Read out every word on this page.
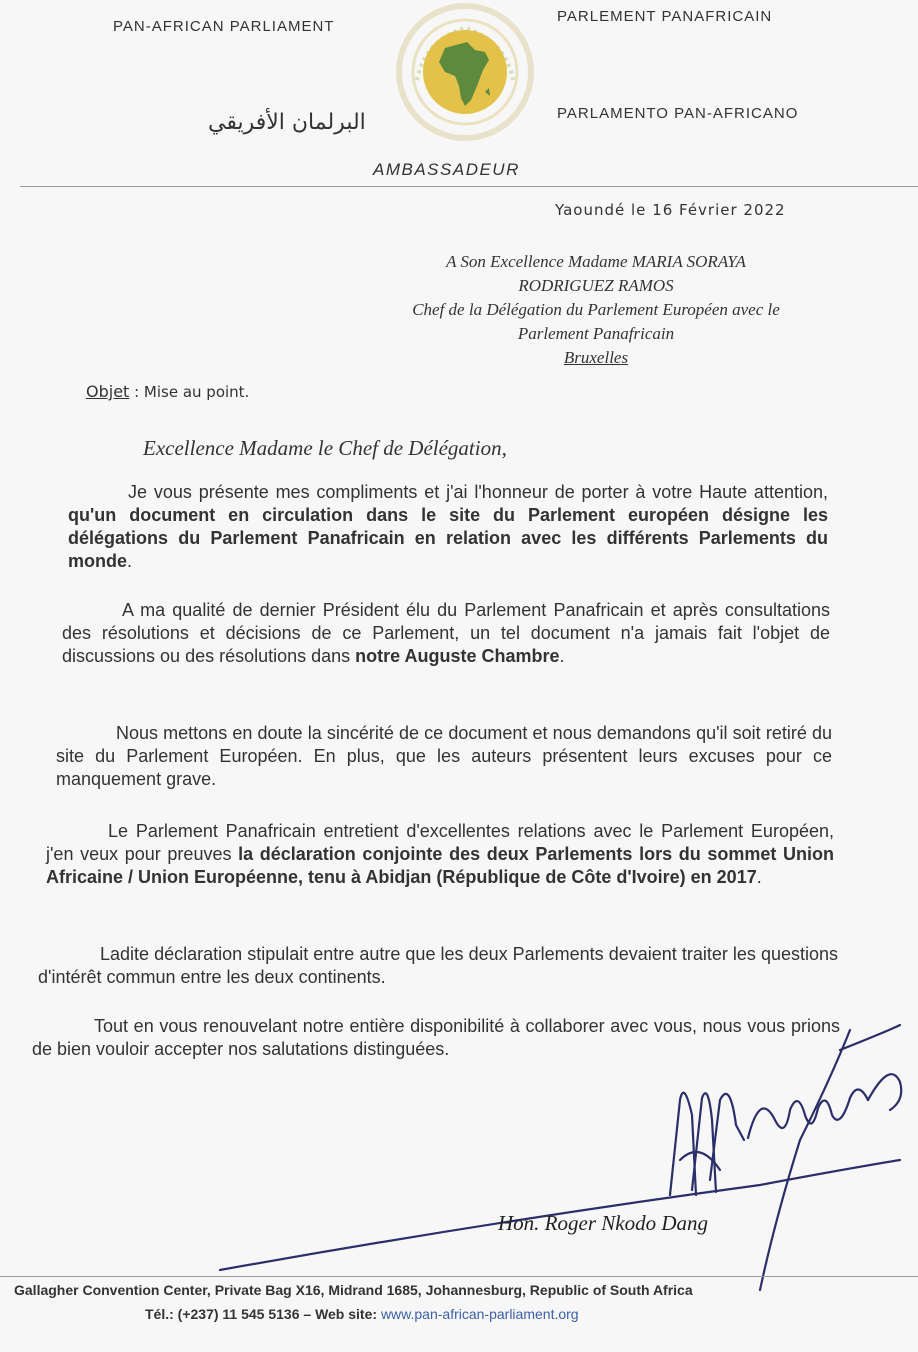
PAN-AFRICAN PARLIAMENT
PARLEMENT PANAFRICAIN
البرلمان الأفريقي	PARLAMENTO PAN-AFRICANO
AMBASSADEUR
Yaoundé le 16 Février 2022
A Son Excellence Madame MARIA SORAYA
RODRIGUEZ RAMOS
Chef de la Délégation du Parlement Européen avec le
Parlement Panafricain
Bruxelles
Objet : Mise au point.
Excellence Madame le Chef de Délégation,
Je vous présente mes compliments et j'ai l'honneur de porter à votre Haute attention, qu'un document en circulation dans le site du Parlement européen désigne les délégations du Parlement Panafricain en relation avec les différents Parlements du monde.
A ma qualité de dernier Président élu du Parlement Panafricain et après consultations des résolutions et décisions de ce Parlement, un tel document n'a jamais fait l'objet de discussions ou des résolutions dans notre Auguste Chambre.
Nous mettons en doute la sincérité de ce document et nous demandons qu'il soit retiré du site du Parlement Européen. En plus, que les auteurs présentent leurs excuses pour ce manquement grave.
Le Parlement Panafricain entretient d'excellentes relations avec le Parlement Européen, j'en veux pour preuves la déclaration conjointe des deux Parlements lors du sommet Union Africaine / Union Européenne, tenu à Abidjan (République de Côte d'Ivoire) en 2017.
Ladite déclaration stipulait entre autre que les deux Parlements devaient traiter les questions d'intérêt commun entre les deux continents.
Tout en vous renouvelant notre entière disponibilité à collaborer avec vous, nous vous prions de bien vouloir accepter nos salutations distinguées.
Hon. Roger Nkodo Dang
Gallagher Convention Center, Private Bag X16, Midrand 1685, Johannesburg, Republic of South Africa
Tél.: (+237) 11 545 5136 – Web site: www.pan-african-parliament.org
